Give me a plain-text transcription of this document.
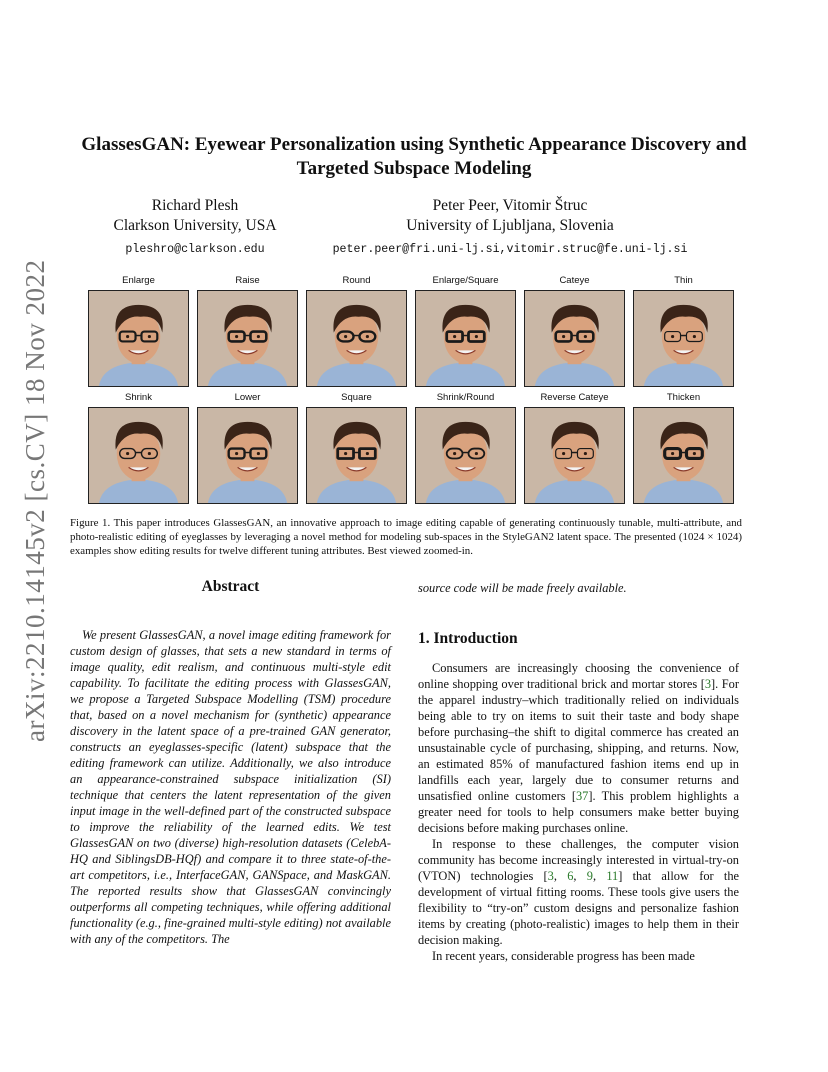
arXiv:2210.14145v2 [cs.CV] 18 Nov 2022
GlassesGAN: Eyewear Personalization using Synthetic Appearance Discovery and Targeted Subspace Modeling
Richard Plesh
Clarkson University, USA
pleshro@clarkson.edu
Peter Peer, Vitomir Štruc
University of Ljubljana, Slovenia
peter.peer@fri.uni-lj.si,vitomir.struc@fe.uni-lj.si
Enlarge	Raise	Round	Enlarge/Square	Cateye	Thin
Shrink	Lower	Square	Shrink/Round	Reverse Cateye	Thicken
Figure 1. This paper introduces GlassesGAN, an innovative approach to image editing capable of generating continuously tunable, multi-attribute, and photo-realistic editing of eyeglasses by leveraging a novel method for modeling sub-spaces in the StyleGAN2 latent space. The presented (1024 × 1024) examples show editing results for twelve different tuning attributes. Best viewed zoomed-in.
Abstract

We present GlassesGAN, a novel image editing framework for custom design of glasses, that sets a new standard in terms of image quality, edit realism, and continuous multi-style edit capability. To facilitate the editing process with GlassesGAN, we propose a Targeted Subspace Modelling (TSM) procedure that, based on a novel mechanism for (synthetic) appearance discovery in the latent space of a pre-trained GAN generator, constructs an eyeglasses-specific (latent) subspace that the editing framework can utilize. Additionally, we also introduce an appearance-constrained subspace initialization (SI) technique that centers the latent representation of the given input image in the well-defined part of the constructed subspace to improve the reliability of the learned edits. We test GlassesGAN on two (diverse) high-resolution datasets (CelebA-HQ and SiblingsDB-HQf) and compare it to three state-of-the-art competitors, i.e., InterfaceGAN, GANSpace, and MaskGAN. The reported results show that GlassesGAN convincingly outperforms all competing techniques, while offering additional functionality (e.g., fine-grained multi-style editing) not available with any of the competitors. The

source code will be made freely available.

1. Introduction

Consumers are increasingly choosing the convenience of online shopping over traditional brick and mortar stores [3]. For the apparel industry–which traditionally relied on individuals being able to try on items to suit their taste and body shape before purchasing–the shift to digital commerce has created an unsustainable cycle of purchasing, shipping, and returns. Now, an estimated 85% of manufactured fashion items end up in landfills each year, largely due to consumer returns and unsatisfied online customers [37]. This problem highlights a greater need for tools to help consumers make better buying decisions before making purchases online.

In response to these challenges, the computer vision community has become increasingly interested in virtual-try-on (VTON) technologies [3, 6, 9, 11] that allow for the development of virtual fitting rooms. These tools give users the flexibility to “try-on” custom designs and personalize fashion items by creating (photo-realistic) images to help them in their decision making.

In recent years, considerable progress has been made
